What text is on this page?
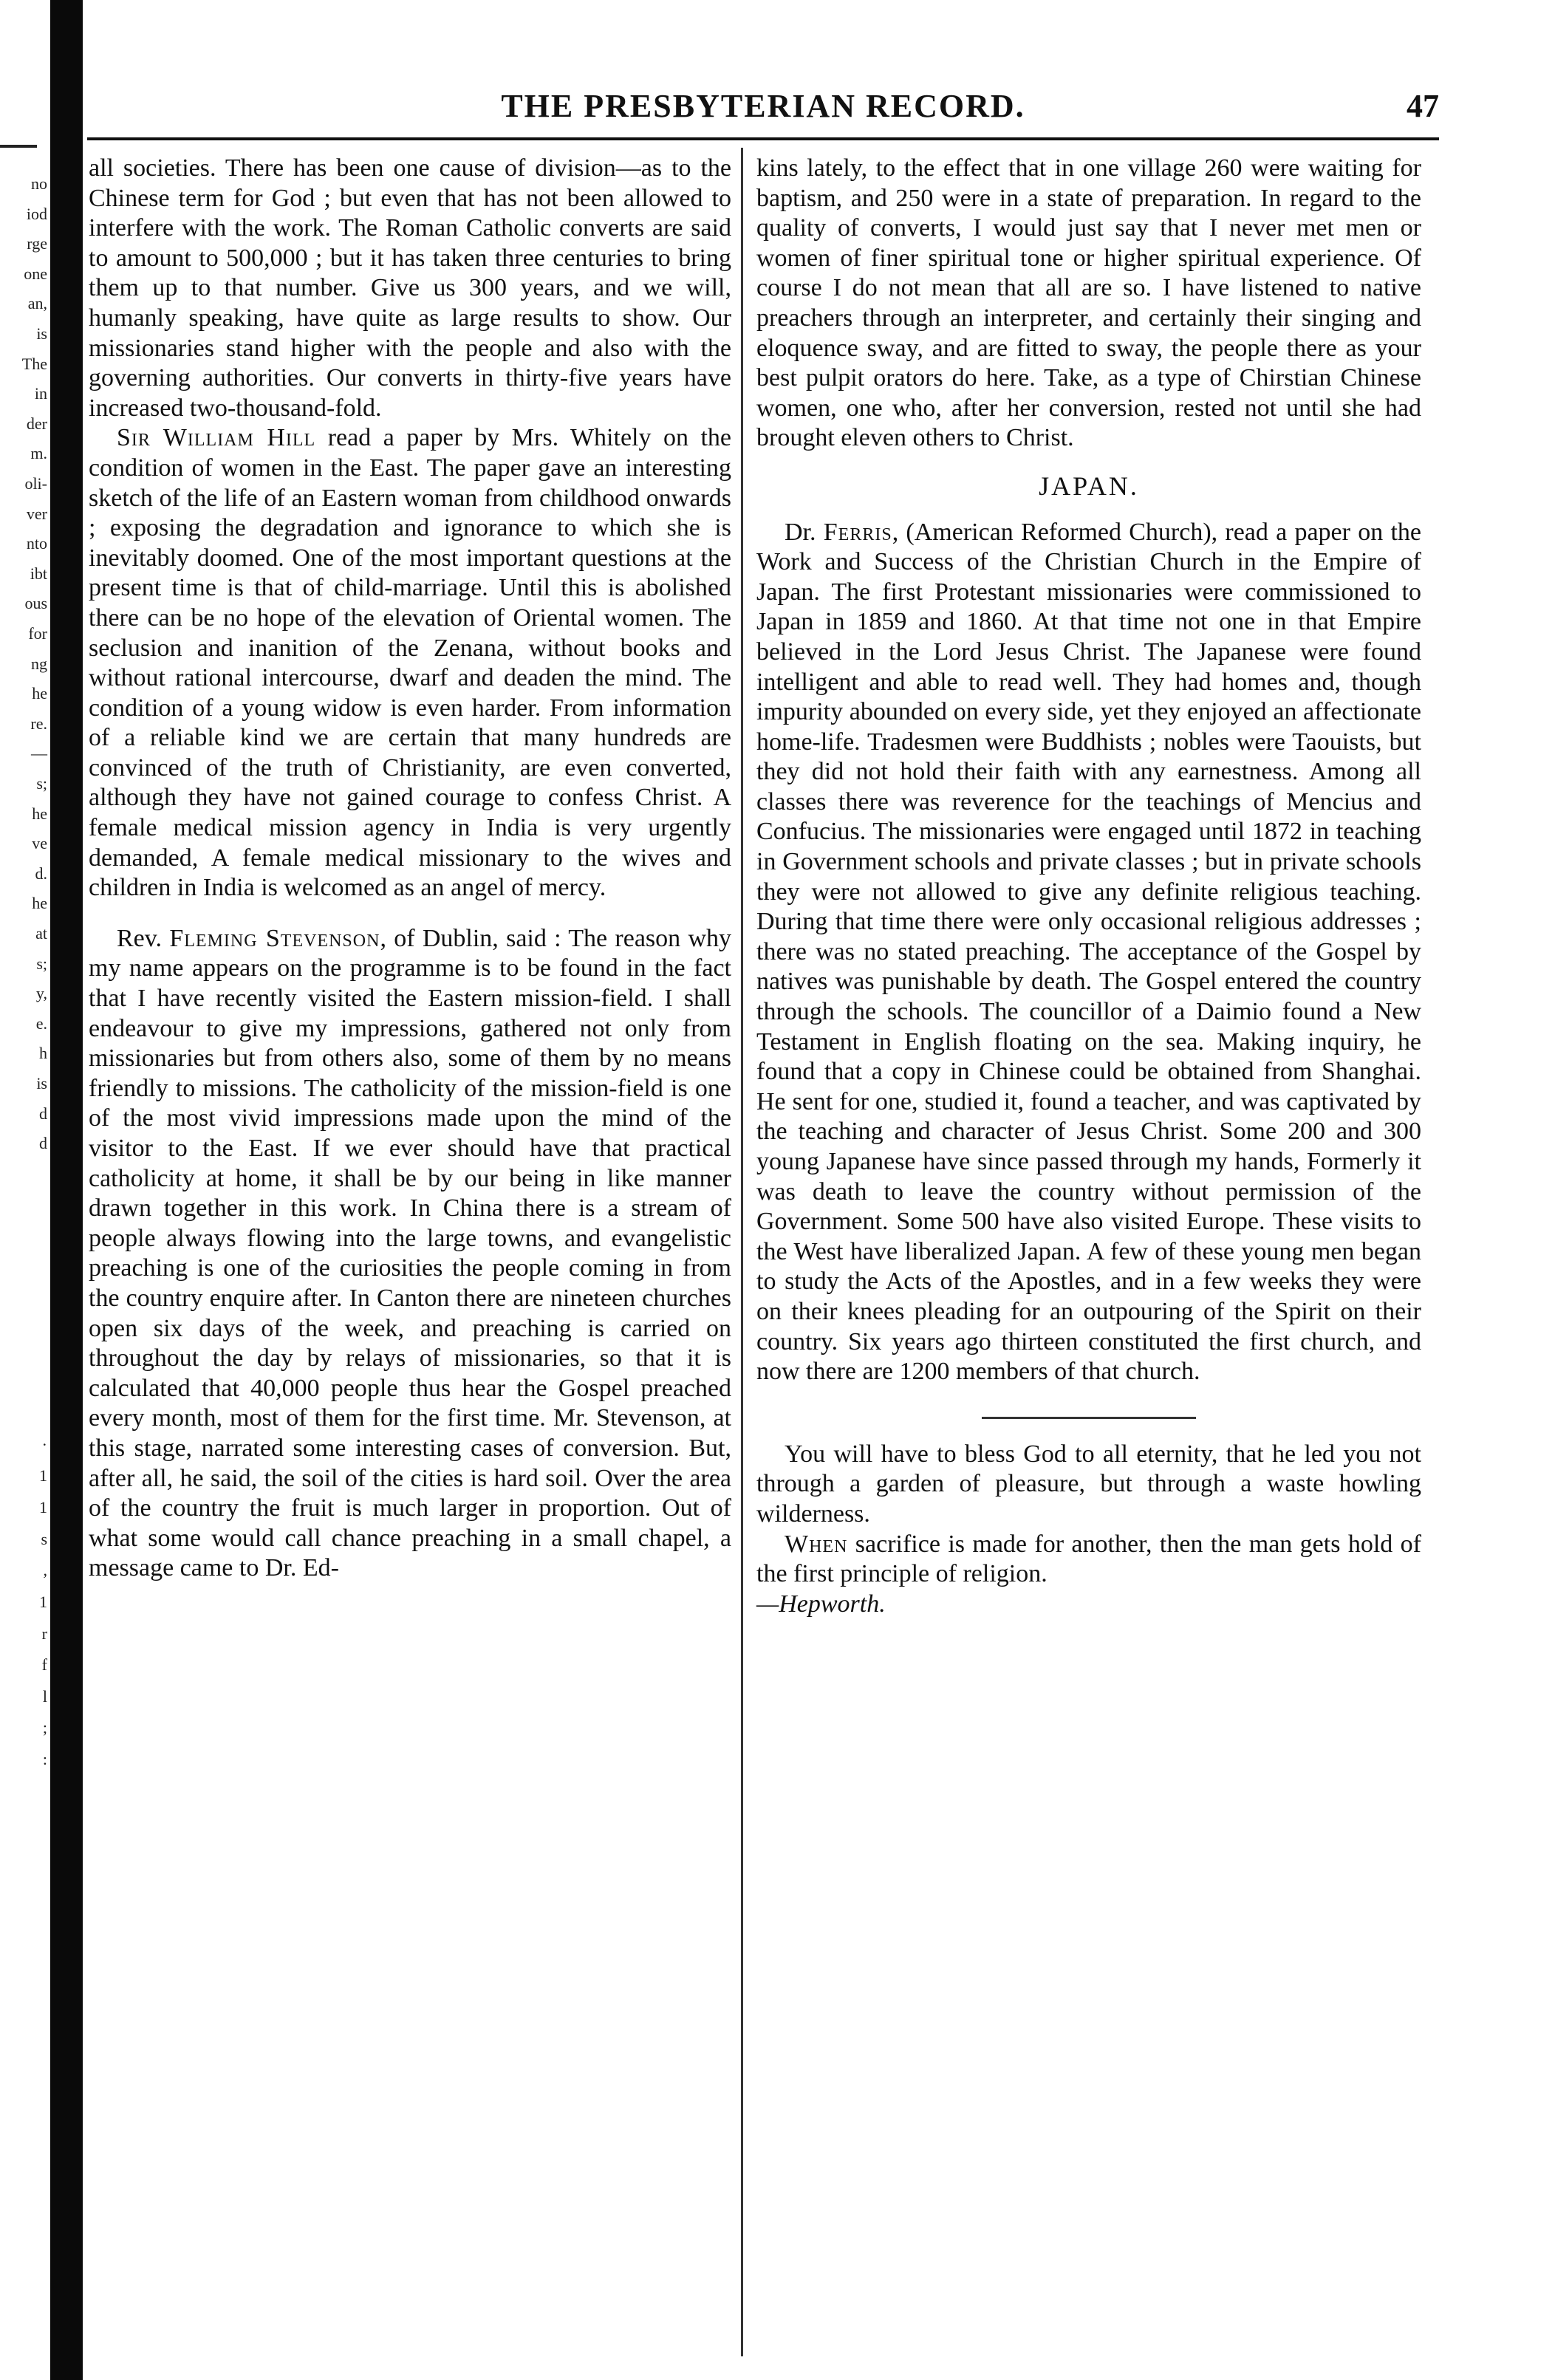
no
iod
rge
one
an,
is
The
in
der
m.
oli-
ver
nto
ibt
ous
for
ng
he
re.
—
s;
he
ve
d.
he
at
s;
y,
e.
h
is
d
d
·
1
1
s
,
1
r
f
l
;
:
THE PRESBYTERIAN RECORD.	47

all societies. There has been one cause of division—as to the Chinese term for God ; but even that has not been allowed to interfere with the work. The Roman Catholic converts are said to amount to 500,000 ; but it has taken three centuries to bring them up to that number. Give us 300 years, and we will, humanly speaking, have quite as large results to show. Our missionaries stand higher with the people and also with the governing authorities. Our converts in thirty-five years have increased two-thousand-fold.

Sir William Hill read a paper by Mrs. Whitely on the condition of women in the East. The paper gave an interesting sketch of the life of an Eastern woman from childhood onwards ; exposing the degradation and ignorance to which she is inevitably doomed. One of the most important questions at the present time is that of child-marriage. Until this is abolished there can be no hope of the elevation of Oriental women. The seclusion and inanition of the Zenana, without books and without rational intercourse, dwarf and deaden the mind. The condition of a young widow is even harder. From information of a reliable kind we are certain that many hundreds are convinced of the truth of Christianity, are even converted, although they have not gained courage to confess Christ. A female medical mission agency in India is very urgently demanded, A female medical missionary to the wives and children in India is welcomed as an angel of mercy.

Rev. Fleming Stevenson, of Dublin, said : The reason why my name appears on the programme is to be found in the fact that I have recently visited the Eastern mission-field. I shall endeavour to give my impressions, gathered not only from missionaries but from others also, some of them by no means friendly to missions. The catholicity of the mission-field is one of the most vivid impressions made upon the mind of the visitor to the East. If we ever should have that practical catholicity at home, it shall be by our being in like manner drawn together in this work. In China there is a stream of people always flowing into the large towns, and evangelistic preaching is one of the curiosities the people coming in from the country enquire after. In Canton there are nineteen churches open six days of the week, and preaching is carried on throughout the day by relays of missionaries, so that it is calculated that 40,000 people thus hear the Gospel preached every month, most of them for the first time. Mr. Stevenson, at this stage, narrated some interesting cases of conversion. But, after all, he said, the soil of the cities is hard soil. Over the area of the country the fruit is much larger in proportion. Out of what some would call chance preaching in a small chapel, a message came to Dr. Ed-

kins lately, to the effect that in one village 260 were waiting for baptism, and 250 were in a state of preparation. In regard to the quality of converts, I would just say that I never met men or women of finer spiritual tone or higher spiritual experience. Of course I do not mean that all are so. I have listened to native preachers through an interpreter, and certainly their singing and eloquence sway, and are fitted to sway, the people there as your best pulpit orators do here. Take, as a type of Chirstian Chinese women, one who, after her conversion, rested not until she had brought eleven others to Christ.

JAPAN.

Dr. Ferris, (American Reformed Church), read a paper on the Work and Success of the Christian Church in the Empire of Japan. The first Protestant missionaries were commissioned to Japan in 1859 and 1860. At that time not one in that Empire believed in the Lord Jesus Christ. The Japanese were found intelligent and able to read well. They had homes and, though impurity abounded on every side, yet they enjoyed an affectionate home-life. Tradesmen were Buddhists ; nobles were Taouists, but they did not hold their faith with any earnestness. Among all classes there was reverence for the teachings of Mencius and Confucius. The missionaries were engaged until 1872 in teaching in Government schools and private classes ; but in private schools they were not allowed to give any definite religious teaching. During that time there were only occasional religious addresses ; there was no stated preaching. The acceptance of the Gospel by natives was punishable by death. The Gospel entered the country through the schools. The councillor of a Daimio found a New Testament in English floating on the sea. Making inquiry, he found that a copy in Chinese could be obtained from Shanghai. He sent for one, studied it, found a teacher, and was captivated by the teaching and character of Jesus Christ. Some 200 and 300 young Japanese have since passed through my hands, Formerly it was death to leave the country without permission of the Government. Some 500 have also visited Europe. These visits to the West have liberalized Japan. A few of these young men began to study the Acts of the Apostles, and in a few weeks they were on their knees pleading for an outpouring of the Spirit on their country. Six years ago thirteen constituted the first church, and now there are 1200 members of that church.

You will have to bless God to all eternity, that he led you not through a garden of pleasure, but through a waste howling wilderness.

When sacrifice is made for another, then the man gets hold of the first principle of religion.

—Hepworth.
